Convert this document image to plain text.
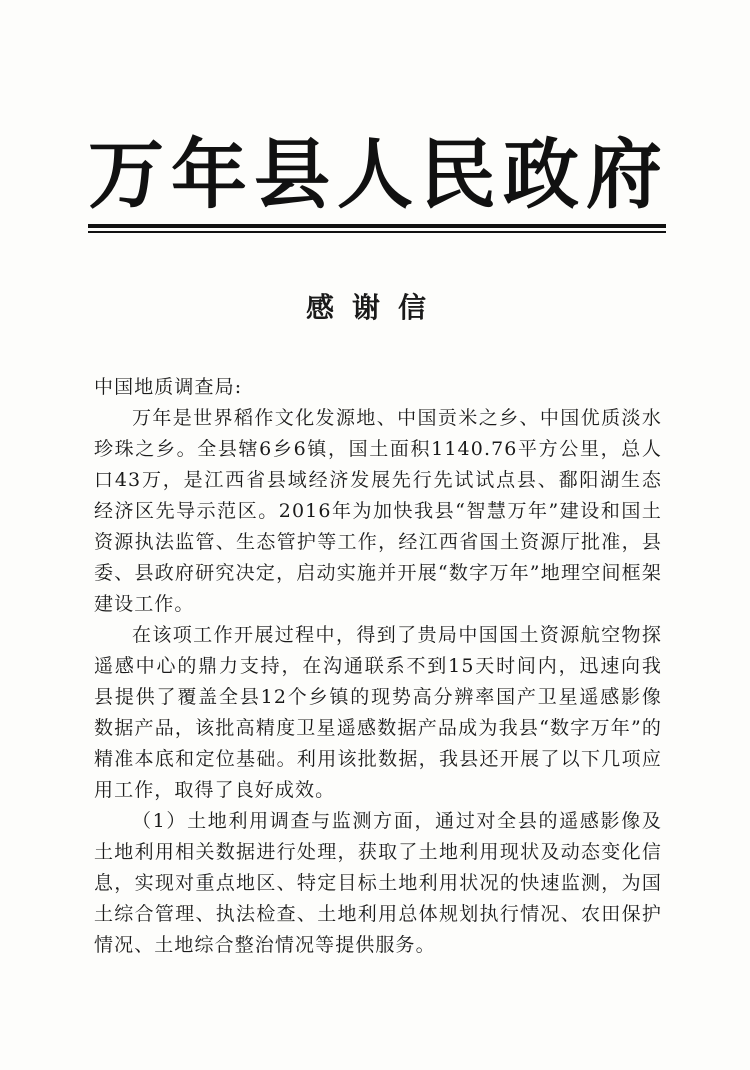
万年县人民政府
感谢信

中国地质调查局:

万年是世界稻作文化发源地、中国贡米之乡、中国优质淡水珍珠之乡。全县辖6乡6镇，国土面积1140.76平方公里，总人口43万，是江西省县域经济发展先行先试试点县、鄱阳湖生态经济区先导示范区。2016年为加快我县“智慧万年”建设和国土资源执法监管、生态管护等工作，经江西省国土资源厅批准，县委、县政府研究决定，启动实施并开展“数字万年”地理空间框架建设工作。

在该项工作开展过程中，得到了贵局中国国土资源航空物探遥感中心的鼎力支持，在沟通联系不到15天时间内，迅速向我县提供了覆盖全县12个乡镇的现势高分辨率国产卫星遥感影像数据产品，该批高精度卫星遥感数据产品成为我县“数字万年”的精准本底和定位基础。利用该批数据，我县还开展了以下几项应用工作，取得了良好成效。

（1）土地利用调查与监测方面，通过对全县的遥感影像及土地利用相关数据进行处理，获取了土地利用现状及动态变化信息，实现对重点地区、特定目标土地利用状况的快速监测，为国土综合管理、执法检查、土地利用总体规划执行情况、农田保护情况、土地综合整治情况等提供服务。
